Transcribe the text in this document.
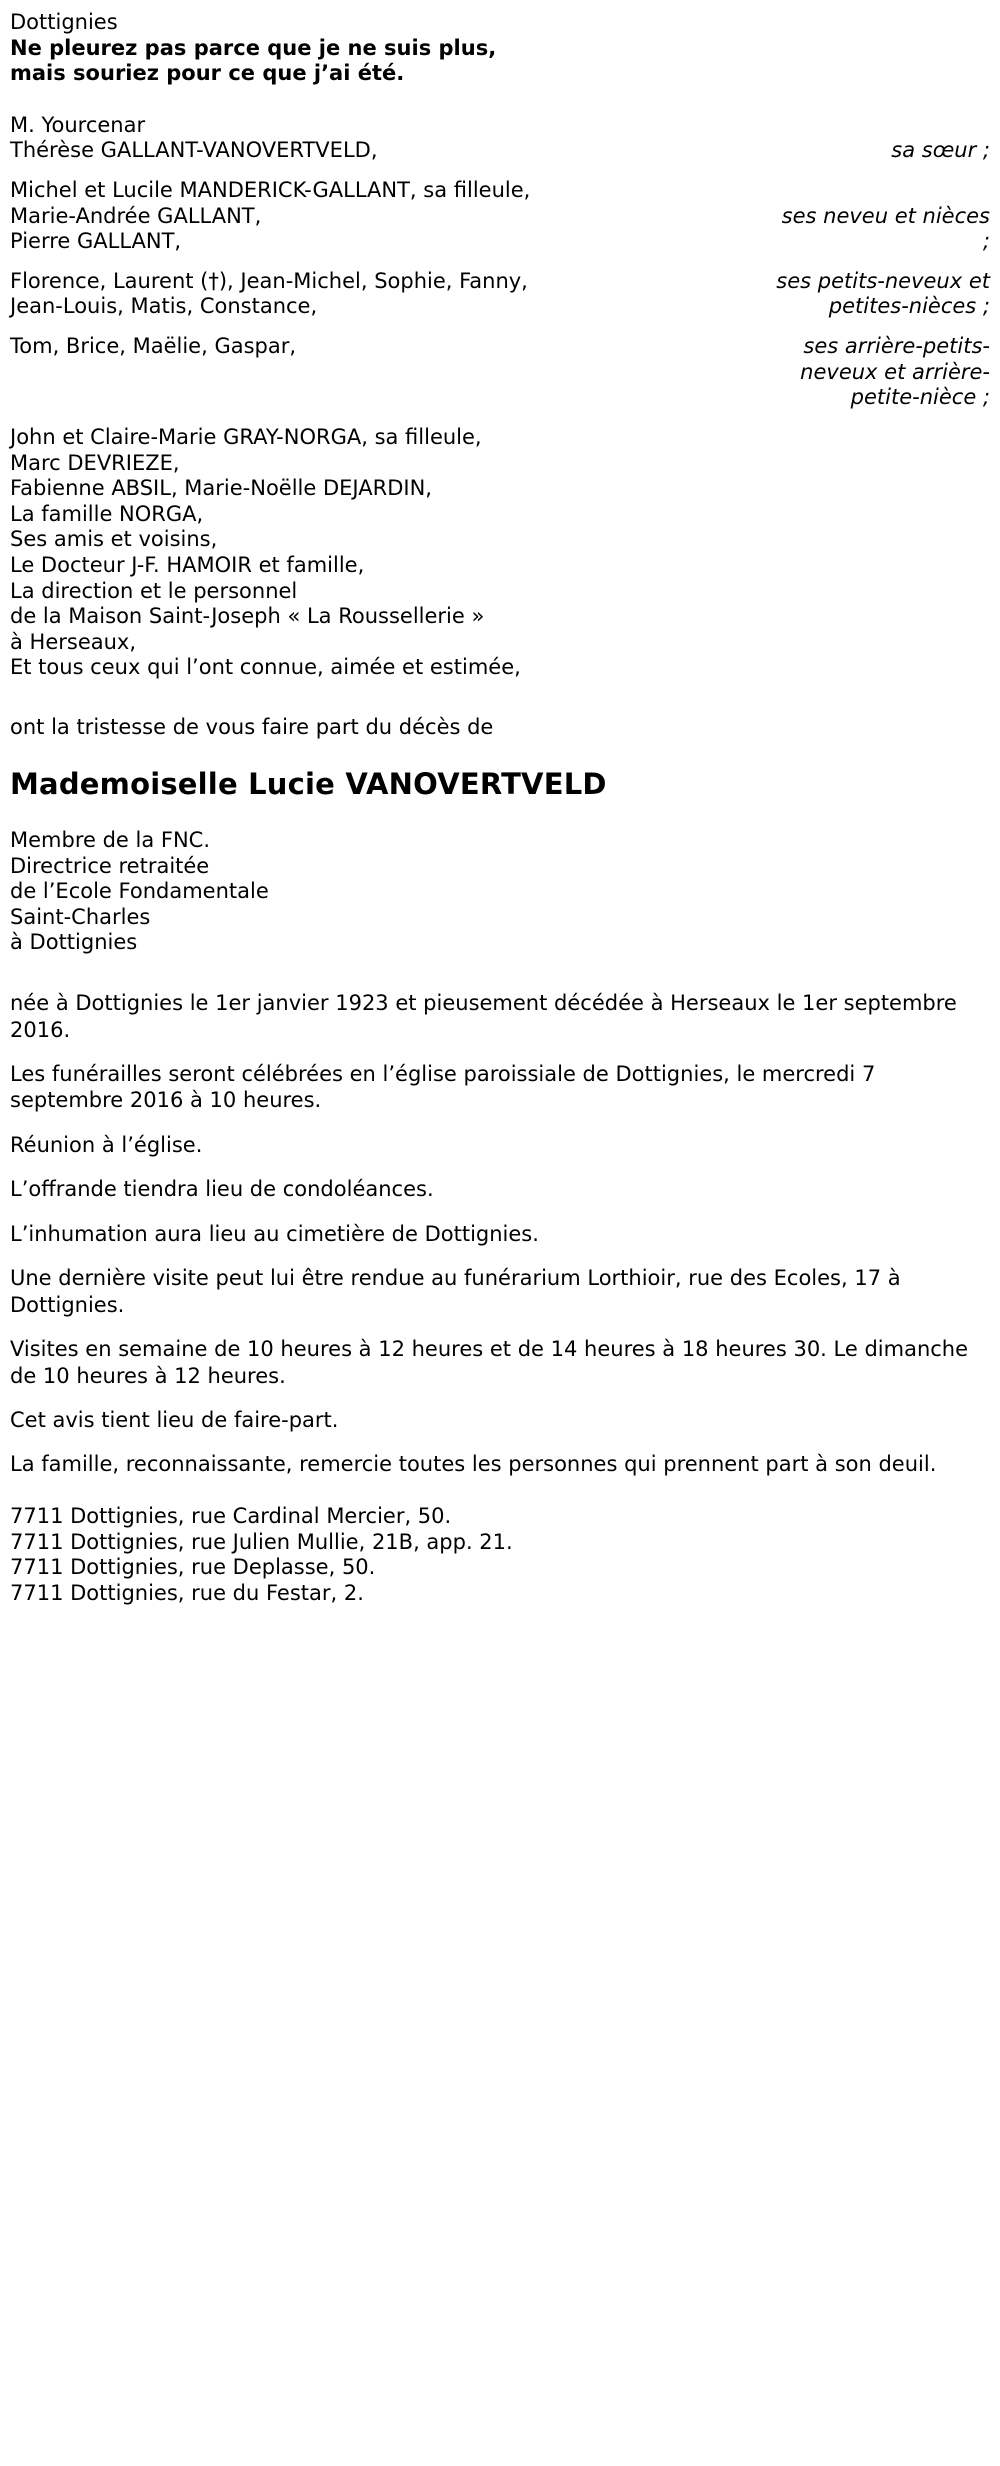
Dottignies
Ne pleurez pas parce que je ne suis plus,
mais souriez pour ce que j’ai été.
M. Yourcenar
Thérèse GALLANT-VANOVERTVELD,	sa sœur ;
Michel et Lucile MANDERICK-GALLANT, sa filleule,
Marie-Andrée GALLANT,
Pierre GALLANT,
ses neveu et nièces
;
Florence, Laurent (†), Jean-Michel, Sophie, Fanny,
Jean-Louis, Matis, Constance,
ses petits-neveux et
petites-nièces ;
Tom, Brice, Maëlie, Gaspar,	ses arrière-petits-
neveux et arrière-
petite-nièce ;
John et Claire-Marie GRAY-NORGA, sa filleule,
Marc DEVRIEZE,
Fabienne ABSIL, Marie-Noëlle DEJARDIN,
La famille NORGA,
Ses amis et voisins,
Le Docteur J-F. HAMOIR et famille,
La direction et le personnel
de la Maison Saint-Joseph « La Roussellerie »
à Herseaux,
Et tous ceux qui l’ont connue, aimée et estimée,
ont la tristesse de vous faire part du décès de
Mademoiselle Lucie VANOVERTVELD
Membre de la FNC.
Directrice retraitée
de l’Ecole Fondamentale
Saint-Charles
à Dottignies

née à Dottignies le 1er janvier 1923 et pieusement décédée à Herseaux le 1er septembre 2016.

Les funérailles seront célébrées en l’église paroissiale de Dottignies, le mercredi 7 septembre 2016 à 10 heures.

Réunion à l’église.

L’offrande tiendra lieu de condoléances.

L’inhumation aura lieu au cimetière de Dottignies.

Une dernière visite peut lui être rendue au funérarium Lorthioir, rue des Ecoles, 17 à Dottignies.

Visites en semaine de 10 heures à 12 heures et de 14 heures à 18 heures 30. Le dimanche de 10 heures à 12 heures.

Cet avis tient lieu de faire-part.

La famille, reconnaissante, remercie toutes les personnes qui prennent part à son deuil.

7711 Dottignies, rue Cardinal Mercier, 50.
7711 Dottignies, rue Julien Mullie, 21B, app. 21.
7711 Dottignies, rue Deplasse, 50.
7711 Dottignies, rue du Festar, 2.
